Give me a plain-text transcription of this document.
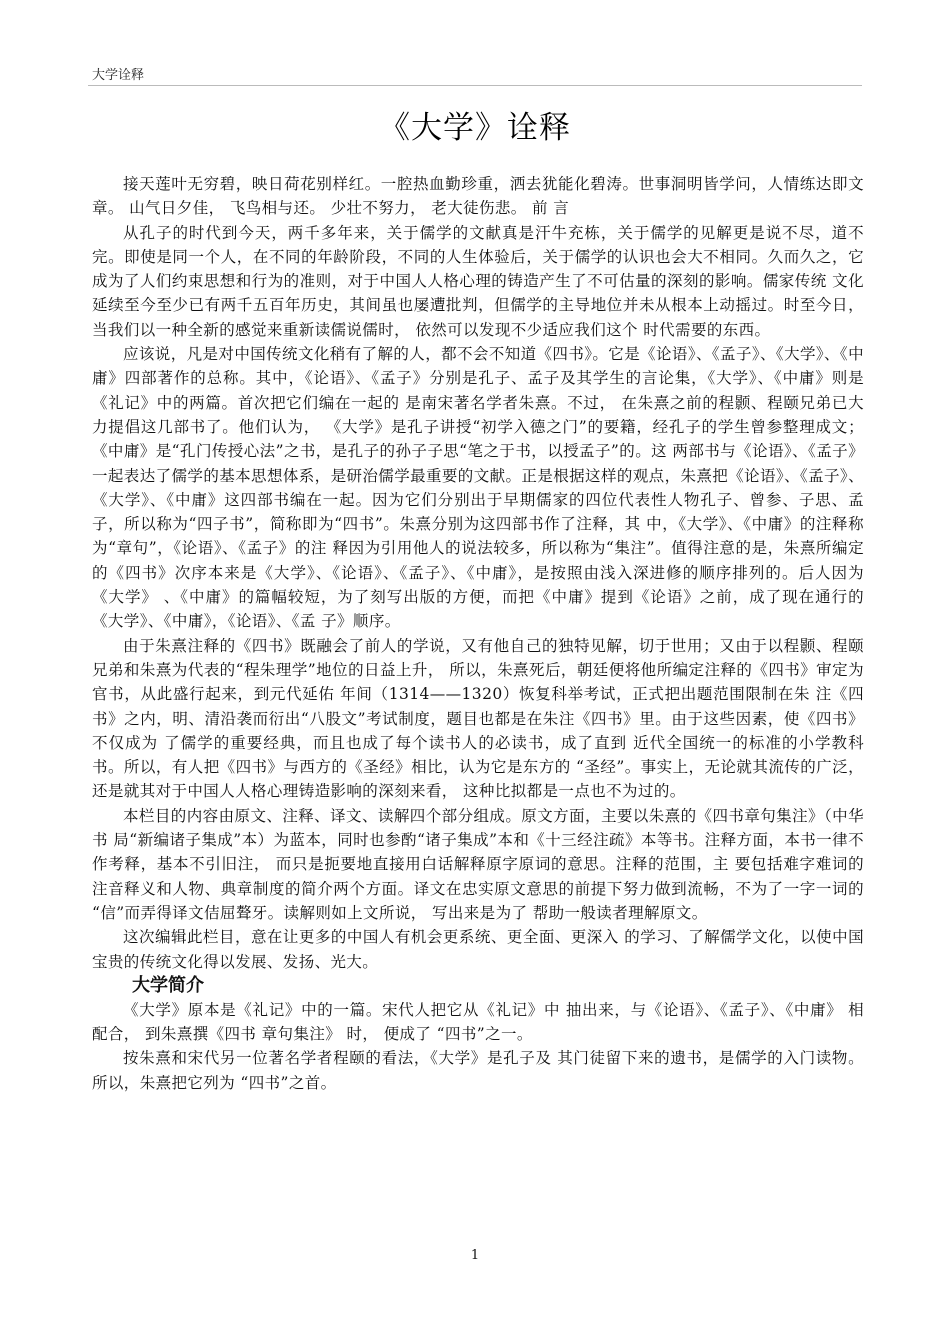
大学诠释
《大学》诠释

接天莲叶无穷碧，映日荷花别样红。一腔热血勤珍重，洒去犹能化碧涛。世事洞明皆学问，人情练达即文章。 山气日夕佳， 飞鸟相与还。 少壮不努力， 老大徒伤悲。 前 言

从孔子的时代到今天，两千多年来，关于儒学的文献真是汗牛充栋，关于儒学的见解更是说不尽，道不完。即使是同一个人，在不同的年龄阶段，不同的人生体验后，关于儒学的认识也会大不相同。久而久之，它成为了人们约束思想和行为的准则，对于中国人人格心理的铸造产生了不可估量的深刻的影响。儒家传统 文化延续至今至少已有两千五百年历史，其间虽也屡遭批判，但儒学的主导地位并未从根本上动摇过。时至今日，当我们以一种全新的感觉来重新读儒说儒时， 依然可以发现不少适应我们这个 时代需要的东西。

应该说，凡是对中国传统文化稍有了解的人，都不会不知道《四书》。它是《论语》、《孟子》、《大学》、《中庸》四部著作的总称。其中，《论语》、《孟子》分别是孔子、孟子及其学生的言论集，《大学》、《中庸》则是《礼记》中的两篇。首次把它们编在一起的 是南宋著名学者朱熹。不过， 在朱熹之前的程颢、程颐兄弟已大力提倡这几部书了。他们认为， 《大学》是孔子讲授“初学入德之门”的要籍，经孔子的学生曾参整理成文；《中庸》是“孔门传授心法”之书，是孔子的孙子子思“笔之于书，以授孟子”的。这 两部书与《论语》、《孟子》一起表达了儒学的基本思想体系，是研治儒学最重要的文献。正是根据这样的观点，朱熹把《论语》、《孟子》、《大学》、《中庸》这四部书编在一起。因为它们分别出于早期儒家的四位代表性人物孔子、曾参、子思、孟子，所以称为“四子书”，简称即为“四书”。朱熹分别为这四部书作了注释，其 中，《大学》、《中庸》的注释称为“章句”，《论语》、《孟子》的注 释因为引用他人的说法较多，所以称为“集注”。值得注意的是，朱熹所编定的《四书》次序本来是《大学》、《论语》、《孟子》、《中庸》，是按照由浅入深进修的顺序排列的。后人因为《大学》 、《中庸》的篇幅较短，为了刻写出版的方便，而把《中庸》提到《论语》之前，成了现在通行的《大学》、《中庸》，《论语》、《孟 子》顺序。

由于朱熹注释的《四书》既融会了前人的学说，又有他自己的独特见解，切于世用；又由于以程颢、程颐兄弟和朱熹为代表的“程朱理学”地位的日益上升， 所以，朱熹死后，朝廷便将他所编定注释的《四书》审定为官书，从此盛行起来，到元代延佑 年间（1314——1320）恢复科举考试，正式把出题范围限制在朱 注《四书》之内，明、清沿袭而衍出“八股文”考试制度，题目也都是在朱注《四书》里。由于这些因素，使《四书》不仅成为 了儒学的重要经典，而且也成了每个读书人的必读书，成了直到 近代全国统一的标准的小学教科书。所以，有人把《四书》与西方的《圣经》相比，认为它是东方的 “圣经”。事实上，无论就其流传的广泛，还是就其对于中国人人格心理铸造影响的深刻来看， 这种比拟都是一点也不为过的。

本栏目的内容由原文、注释、译文、读解四个部分组成。原文方面，主要以朱熹的《四书章句集注》（中华书 局“新编诸子集成”本）为蓝本，同时也参酌“诸子集成”本和《十三经注疏》本等书。注释方面，本书一律不作考释，基本不引旧注， 而只是扼要地直接用白话解释原字原词的意思。注释的范围，主 要包括难字难词的注音释义和人物、典章制度的简介两个方面。译文在忠实原文意思的前提下努力做到流畅，不为了一字一词的 “信”而弄得译文佶屈聱牙。读解则如上文所说， 写出来是为了 帮助一般读者理解原文。

这次编辑此栏目，意在让更多的中国人有机会更系统、更全面、更深入 的学习、了解儒学文化，以使中国宝贵的传统文化得以发展、发扬、光大。

大学简介

《大学》原本是《礼记》中的一篇。宋代人把它从《礼记》中 抽出来，与《论语》、《孟子》、《中庸》 相配合， 到朱熹撰《四书 章句集注》 时， 便成了 “四书”之一。

按朱熹和宋代另一位著名学者程颐的看法，《大学》是孔子及 其门徒留下来的遗书，是儒学的入门读物。所以，朱熹把它列为 “四书”之首。

1
